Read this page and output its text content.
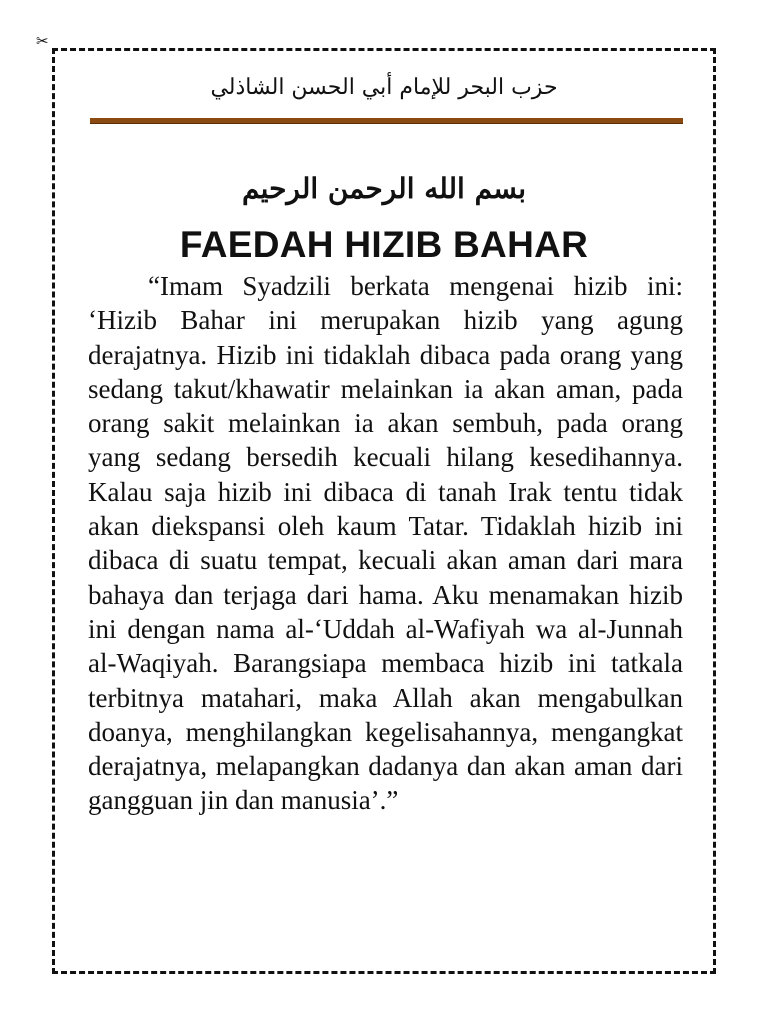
✂
حزب البحر للإمام أبي الحسن الشاذلي
بسم الله الرحمن الرحيم
FAEDAH HIZIB BAHAR

“Imam Syadzili berkata mengenai hizib ini: ‘Hizib Bahar ini merupakan hizib yang agung derajatnya. Hizib ini tidaklah dibaca pada orang yang sedang takut/khawatir melainkan ia akan aman, pada orang sakit melainkan ia akan sembuh, pada orang yang sedang bersedih kecuali hilang kesedihannya. Kalau saja hizib ini dibaca di tanah Irak tentu tidak akan diekspansi oleh kaum Tatar. Tidaklah hizib ini dibaca di suatu tempat, kecuali akan aman dari mara bahaya dan terjaga dari hama. Aku menamakan hizib ini dengan nama al-‘Uddah al-Wafiyah wa al-Junnah al-Waqiyah. Barangsiapa membaca hizib ini tatkala terbitnya matahari, maka Allah akan mengabulkan doanya, menghilangkan kegelisahannya, mengangkat derajatnya, melapangkan dadanya dan akan aman dari gangguan jin dan manusia’.”
